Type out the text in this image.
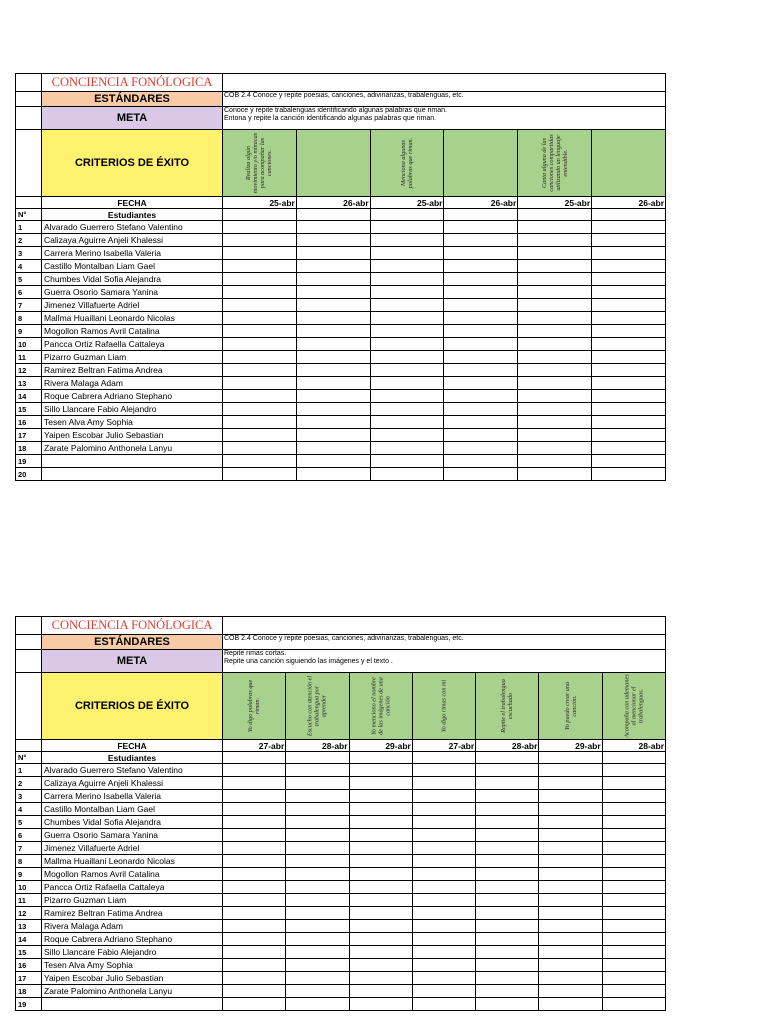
	CONCIENCIA FONÓLOGICA						
	ESTÁNDARES	COB 2.4 Conoce y repite poesias, canciones, adivinanzas, trabalenguas, etc.					
	META	Conoce y repite trabalenguas identificando algunas palabras que riman.
Entona y repite la canción identificando algunas palabras que riman.					

	CRITERIOS DE ÉXITO	Realiza algún movimiento y/o mímicas para acompañar las canciones.		Menciona algunas palabras que riman.		Canta alguna de las canciones compartidas utilizando un lenguaje entendible.	

	FECHA	25-abr	26-abr	25-abr	26-abr	25-abr	26-abr
N°	Estudiantes						
1	Alvarado Guerrero Stefano Valentino						
2	Calizaya Aguirre Anjeli Khalessi						
3	Carrera Merino Isabella Valeria						
4	Castillo Montalban Liam Gael						
5	Chumbes Vidal Sofia Alejandra						
6	Guerra Osorio Samara Yanina						
7	Jimenez Villafuerte Adriel						
8	Mallma Huaillani Leonardo Nicolas						
9	Mogollon Ramos Avril Catalina						
10	Pancca Ortiz Rafaella Cattaleya						
11	Pizarro Guzman Liam						
12	Ramirez Beltran Fatima Andrea						
13	Rivera Malaga Adam						
14	Roque Cabrera Adriano Stephano						
15	Sillo Llancare Fabio Alejandro						
16	Tesen Alva Amy Sophia						
17	Yaipen Escobar Julio Sebastian						
18	Zarate Palomino Anthonela Lanyu						
19							
20							
	CONCIENCIA FONÓLOGICA							
	ESTÁNDARES	COB 2.4 Conoce y repite poesias, canciones, adivinanzas, trabalenguas, etc.						
	META	Repite rimas cortas.
Repite una canción siguiendo las imágenes y el texto .						

	CRITERIOS DE ÉXITO	Yo digo palabras que riman.	Escucho con atención el trabalengua por aprender	Yo menciono el nombre de las imágenes de una canción	Yo digo rimas con mi	Repite el trabalengua escuchado	Yo puedo crear una canción.	Acompaña con ademanes al mencionar el trabalenguas.

	FECHA	27-abr	28-abr	29-abr	27-abr	28-abr	29-abr	28-abr
N°	Estudiantes							
1	Alvarado Guerrero Stefano Valentino							
2	Calizaya Aguirre Anjeli Khalessi							
3	Carrera Merino Isabella Valeria							
4	Castillo Montalban Liam Gael							
5	Chumbes Vidal Sofia Alejandra							
6	Guerra Osorio Samara Yanina							
7	Jimenez Villafuerte Adriel							
8	Mallma Huaillani Leonardo Nicolas							
9	Mogollon Ramos Avril Catalina							
10	Pancca Ortiz Rafaella Cattaleya							
11	Pizarro Guzman Liam							
12	Ramirez Beltran Fatima Andrea							
13	Rivera Malaga Adam							
14	Roque Cabrera Adriano Stephano							
15	Sillo Llancare Fabio Alejandro							
16	Tesen Alva Amy Sophia							
17	Yaipen Escobar Julio Sebastian							
18	Zarate Palomino Anthonela Lanyu							
19								
